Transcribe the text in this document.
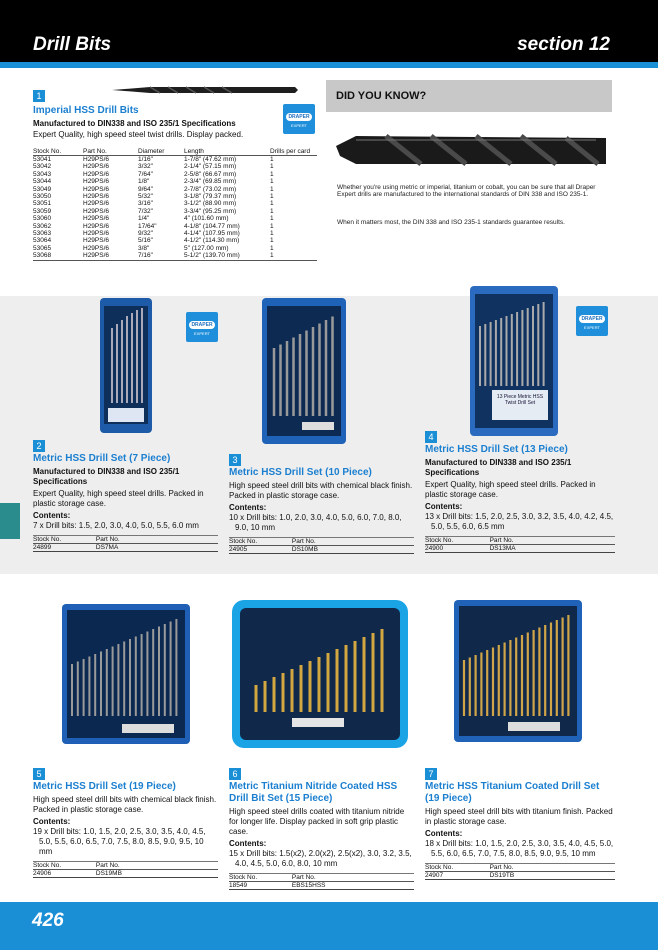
Drill Bits	section 12
1
Imperial HSS Drill Bits
Manufactured to DIN338 and ISO 235/1 Specifications
Expert Quality, high speed steel twist drills. Display packed.
DRAPER
EXPERT
Stock No.	Part No.	Diameter	Length	Drills per card
53041	H29PS/6	1/16"	1-7/8" (47.62 mm)	1
53042	H29PS/6	3/32"	2-1/4" (57.15 mm)	1
53043	H29PS/6	7/64"	2-5/8" (66.67 mm)	1
53044	H29PS/6	1/8"	2-3/4" (69.85 mm)	1
53049	H29PS/6	9/64"	2-7/8" (73.02 mm)	1
53050	H29PS/6	5/32"	3-1/8" (79.37 mm)	1
53051	H29PS/6	3/16"	3-1/2" (88.90 mm)	1
53059	H29PS/6	7/32"	3-3/4" (95.25 mm)	1
53060	H29PS/6	1/4"	4" (101.60 mm)	1
53062	H29PS/6	17/64"	4-1/8" (104.77 mm)	1
53063	H29PS/6	9/32"	4-1/4" (107.95 mm)	1
53064	H29PS/6	5/16"	4-1/2" (114.30 mm)	1
53065	H29PS/6	3/8"	5" (127.00 mm)	1
53068	H29PS/6	7/16"	5-1/2" (139.70 mm)	1
DID YOU KNOW?
Whether you're using metric or imperial, titanium or cobalt, you can be sure that all Draper Expert drills are manufactured to the international standards of DIN 338 and ISO 235-1.
When it matters most, the DIN 338 and ISO 235-1 standards guarantee results.
DRAPER
EXPERT
13 Piece Metric HSS Twist Drill Set
DRAPER
EXPERT
2
Metric HSS Drill Set (7 Piece)
Manufactured to DIN338 and ISO 235/1 Specifications
Expert Quality, high speed steel drills. Packed in plastic storage case.
Contents:
7 x Drill bits: 1.5, 2.0, 3.0, 4.0, 5.0, 5.5, 6.0 mm
Stock No.	Part No.
24899	DS7MA
3
Metric HSS Drill Set (10 Piece)
High speed steel drill bits with chemical black finish. Packed in plastic storage case.
Contents:
10 x Drill bits: 1.0, 2.0, 3.0, 4.0, 5.0, 6.0, 7.0, 8.0, 9.0, 10 mm
Stock No.	Part No.
24905	DS10MB
4
Metric HSS Drill Set (13 Piece)
Manufactured to DIN338 and ISO 235/1 Specifications
Expert Quality, high speed steel drills. Packed in plastic storage case.
Contents:
13 x Drill bits: 1.5, 2.0, 2.5, 3.0, 3.2, 3.5, 4.0, 4.2, 4.5, 5.0, 5.5, 6.0, 6.5 mm
Stock No.	Part No.
24900	DS13MA
5
Metric HSS Drill Set (19 Piece)
High speed steel drill bits with chemical black finish. Packed in plastic storage case.
Contents:
19 x Drill bits: 1.0, 1.5, 2.0, 2.5, 3.0, 3.5, 4.0, 4.5, 5.0, 5.5, 6.0, 6.5, 7.0, 7.5, 8.0, 8.5, 9.0, 9.5, 10 mm
Stock No.	Part No.
24906	DS19MB
6
Metric Titanium Nitride Coated HSS Drill Bit Set (15 Piece)
High speed steel drills coated with titanium nitride for longer life. Display packed in soft grip plastic case.
Contents:
15 x Drill bits: 1.5(x2), 2.0(x2), 2.5(x2), 3.0, 3.2, 3.5, 4.0, 4.5, 5.0, 6.0, 8.0, 10 mm
Stock No.	Part No.
18549	EBS15HSS
7
Metric HSS Titanium Coated Drill Set (19 Piece)
High speed steel drill bits with titanium finish. Packed in plastic storage case.
Contents:
18 x Drill bits: 1.0, 1.5, 2.0, 2.5, 3.0, 3.5, 4.0, 4.5, 5.0, 5.5, 6.0, 6.5, 7.0, 7.5, 8.0, 8.5, 9.0, 9.5, 10 mm
Stock No.	Part No.
24907	DS19TB
426
